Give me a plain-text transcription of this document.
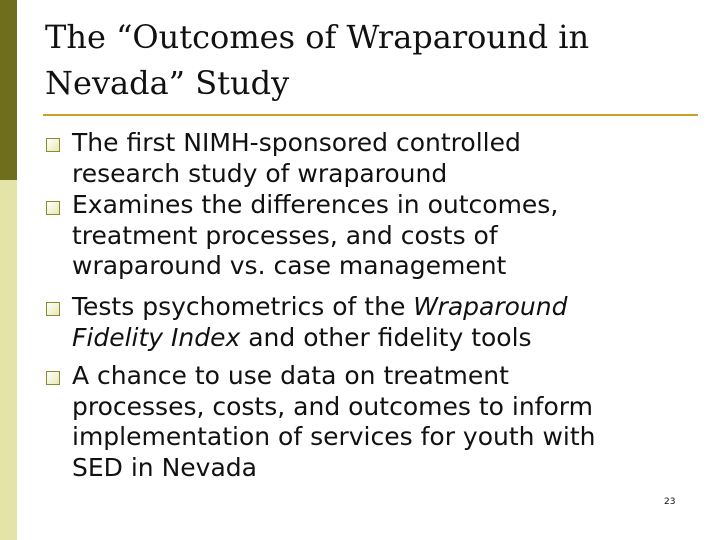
The “Outcomes of Wraparound in
Nevada” Study
The first NIMH-sponsored controlled
research study of wraparound
Examines the differences in outcomes,
treatment processes, and costs of
wraparound vs. case management
Tests psychometrics of the Wraparound
Fidelity Index and other fidelity tools
A chance to use data on treatment
processes, costs, and outcomes to inform
implementation of services for youth with
SED in Nevada
23
